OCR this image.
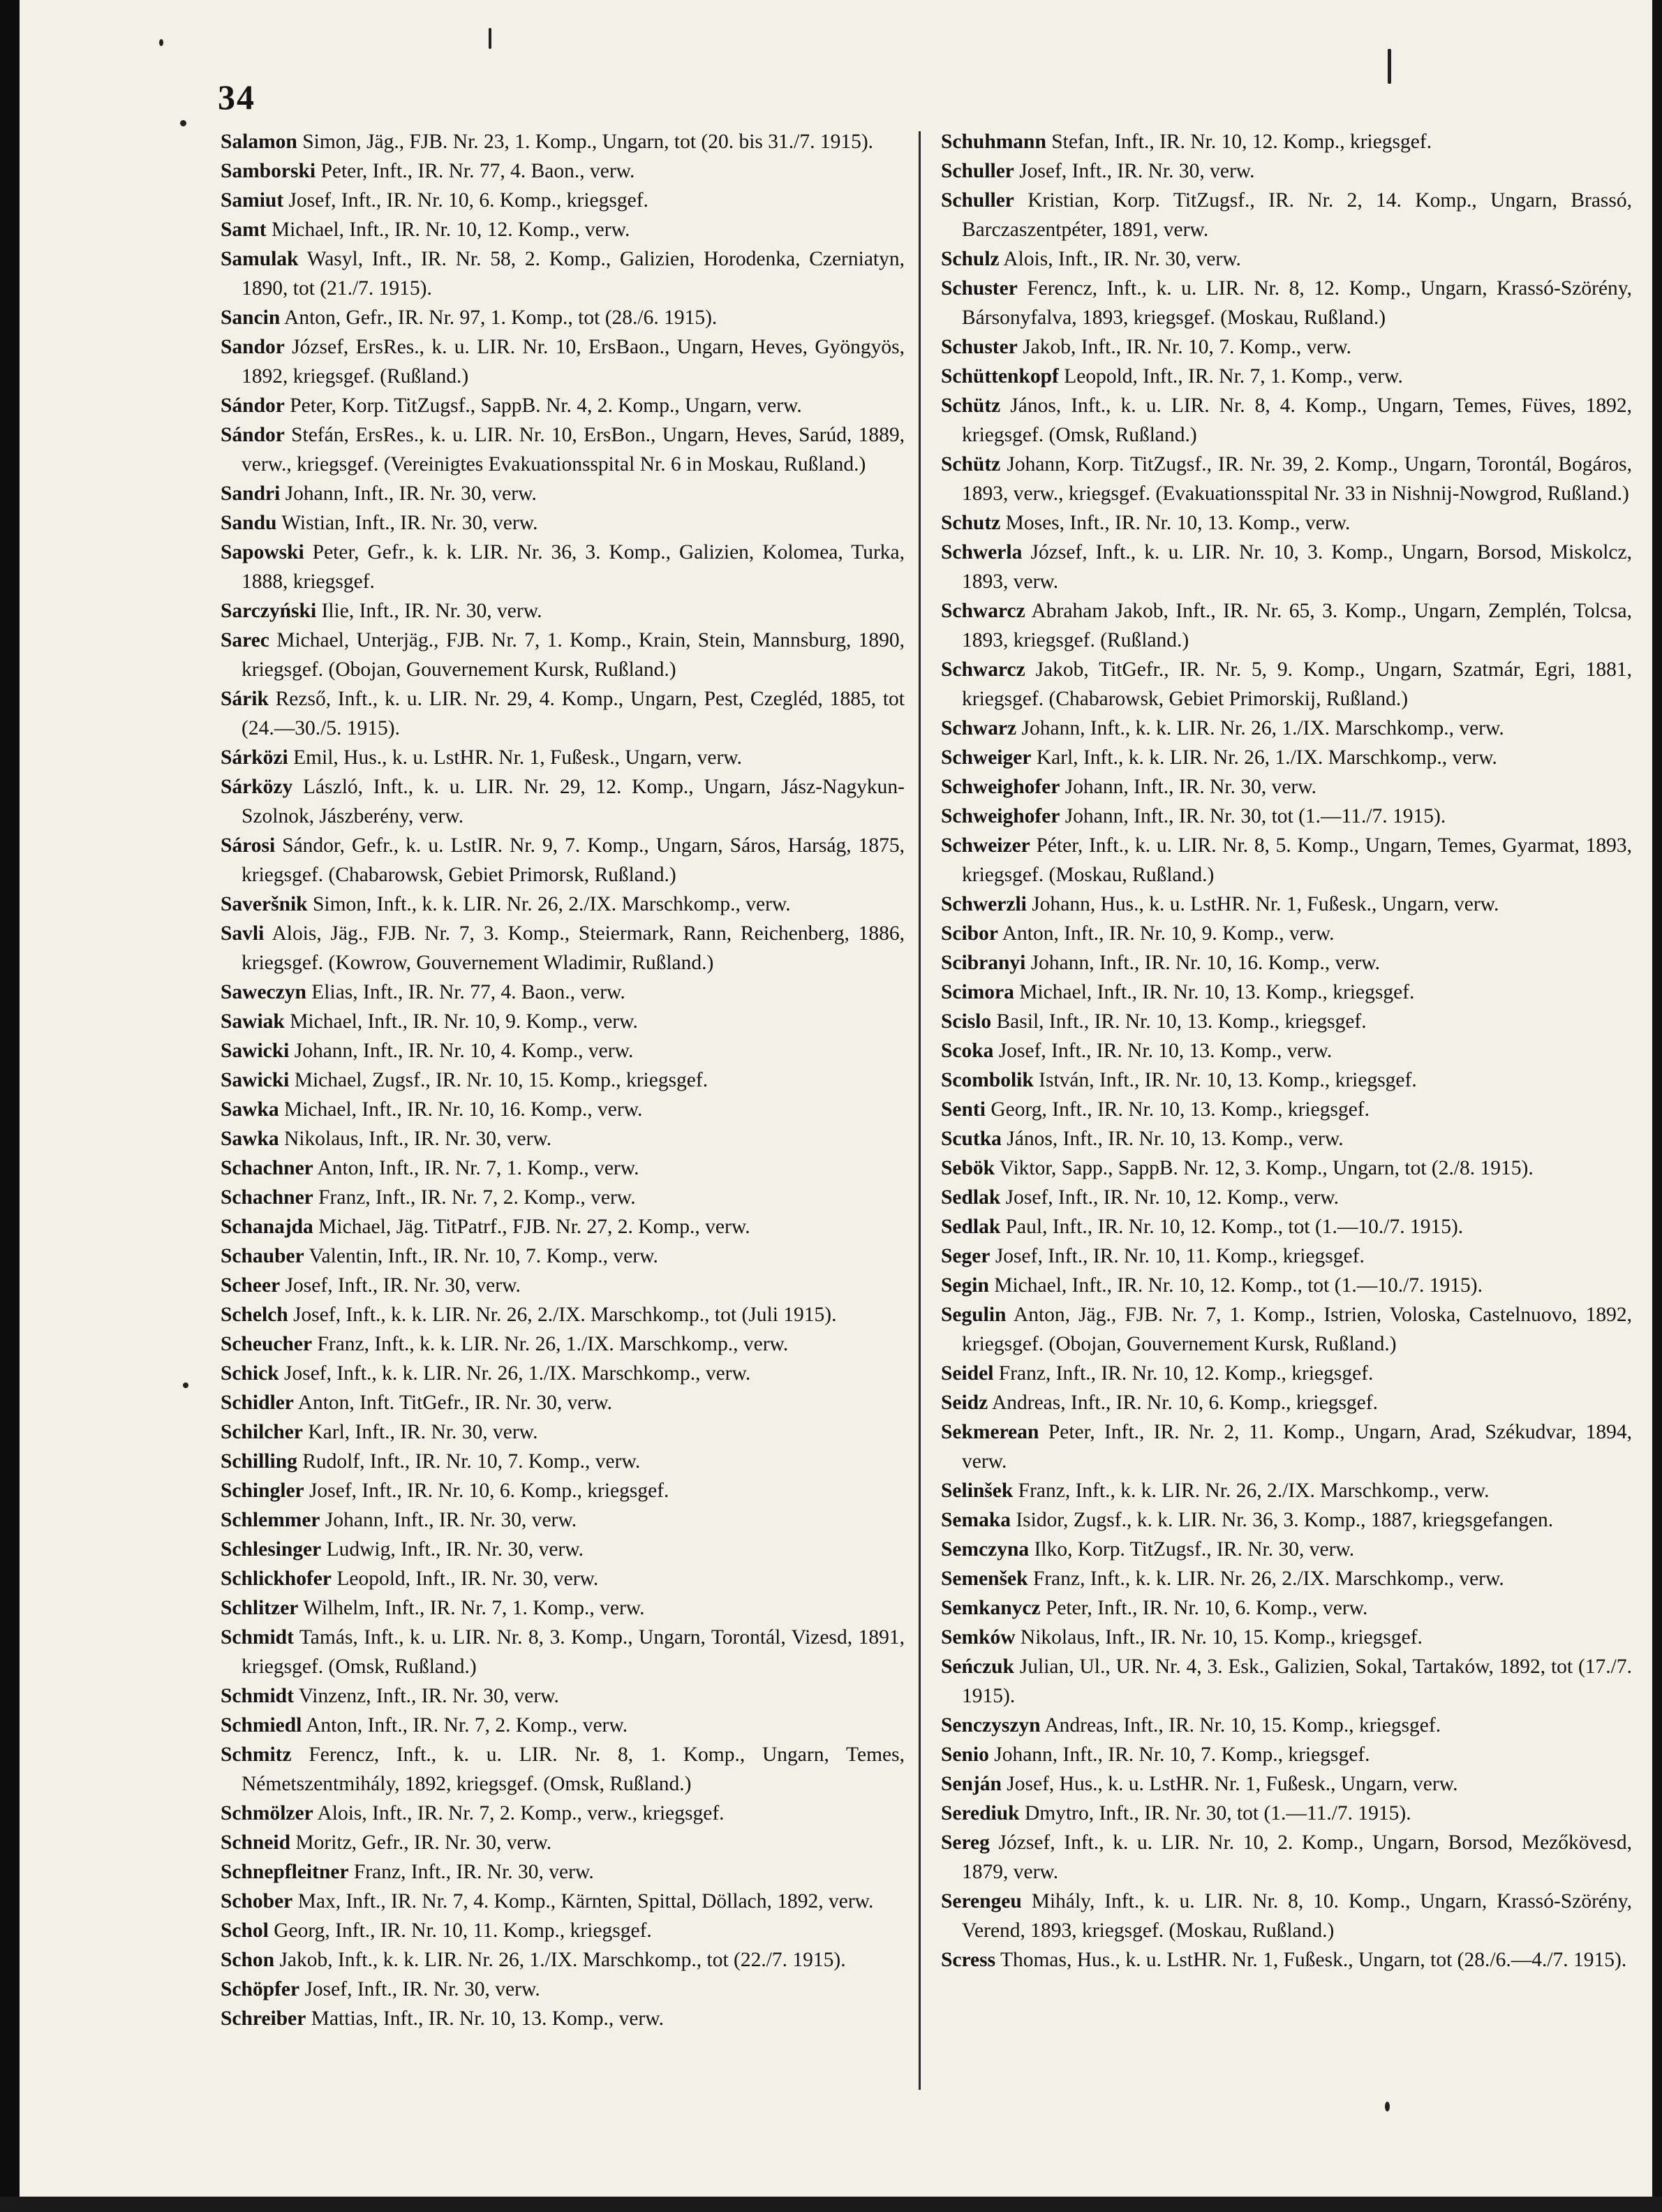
34
Salamon Simon, Jäg., FJB. Nr. 23, 1. Komp., Ungarn, tot (20. bis 31./7. 1915).
Samborski Peter, Inft., IR. Nr. 77, 4. Baon., verw.
Samiut Josef, Inft., IR. Nr. 10, 6. Komp., kriegsgef.
Samt Michael, Inft., IR. Nr. 10, 12. Komp., verw.
Samulak Wasyl, Inft., IR. Nr. 58, 2. Komp., Galizien, Horodenka, Czerniatyn, 1890, tot (21./7. 1915).
Sancin Anton, Gefr., IR. Nr. 97, 1. Komp., tot (28./6. 1915).
Sandor József, ErsRes., k. u. LIR. Nr. 10, ErsBaon., Ungarn, Heves, Gyöngyös, 1892, kriegsgef. (Rußland.)
Sándor Peter, Korp. TitZugsf., SappB. Nr. 4, 2. Komp., Ungarn, verw.
Sándor Stefán, ErsRes., k. u. LIR. Nr. 10, ErsBon., Ungarn, Heves, Sarúd, 1889, verw., kriegsgef. (Vereinigtes Evakuationsspital Nr. 6 in Moskau, Rußland.)
Sandri Johann, Inft., IR. Nr. 30, verw.
Sandu Wistian, Inft., IR. Nr. 30, verw.
Sapowski Peter, Gefr., k. k. LIR. Nr. 36, 3. Komp., Galizien, Kolomea, Turka, 1888, kriegsgef.
Sarczyński Ilie, Inft., IR. Nr. 30, verw.
Sarec Michael, Unterjäg., FJB. Nr. 7, 1. Komp., Krain, Stein, Mannsburg, 1890, kriegsgef. (Obojan, Gouvernement Kursk, Rußland.)
Sárik Rezső, Inft., k. u. LIR. Nr. 29, 4. Komp., Ungarn, Pest, Czegléd, 1885, tot (24.—30./5. 1915).
Sárközi Emil, Hus., k. u. LstHR. Nr. 1, Fußesk., Ungarn, verw.
Sárközy László, Inft., k. u. LIR. Nr. 29, 12. Komp., Ungarn, Jász-Nagykun-Szolnok, Jászberény, verw.
Sárosi Sándor, Gefr., k. u. LstIR. Nr. 9, 7. Komp., Ungarn, Sáros, Harság, 1875, kriegsgef. (Chabarowsk, Gebiet Primorsk, Rußland.)
Saveršnik Simon, Inft., k. k. LIR. Nr. 26, 2./IX. Marschkomp., verw.
Savli Alois, Jäg., FJB. Nr. 7, 3. Komp., Steiermark, Rann, Reichenberg, 1886, kriegsgef. (Kowrow, Gouvernement Wladimir, Rußland.)
Saweczyn Elias, Inft., IR. Nr. 77, 4. Baon., verw.
Sawiak Michael, Inft., IR. Nr. 10, 9. Komp., verw.
Sawicki Johann, Inft., IR. Nr. 10, 4. Komp., verw.
Sawicki Michael, Zugsf., IR. Nr. 10, 15. Komp., kriegsgef.
Sawka Michael, Inft., IR. Nr. 10, 16. Komp., verw.
Sawka Nikolaus, Inft., IR. Nr. 30, verw.
Schachner Anton, Inft., IR. Nr. 7, 1. Komp., verw.
Schachner Franz, Inft., IR. Nr. 7, 2. Komp., verw.
Schanajda Michael, Jäg. TitPatrf., FJB. Nr. 27, 2. Komp., verw.
Schauber Valentin, Inft., IR. Nr. 10, 7. Komp., verw.
Scheer Josef, Inft., IR. Nr. 30, verw.
Schelch Josef, Inft., k. k. LIR. Nr. 26, 2./IX. Marschkomp., tot (Juli 1915).
Scheucher Franz, Inft., k. k. LIR. Nr. 26, 1./IX. Marschkomp., verw.
Schick Josef, Inft., k. k. LIR. Nr. 26, 1./IX. Marschkomp., verw.
Schidler Anton, Inft. TitGefr., IR. Nr. 30, verw.
Schilcher Karl, Inft., IR. Nr. 30, verw.
Schilling Rudolf, Inft., IR. Nr. 10, 7. Komp., verw.
Schingler Josef, Inft., IR. Nr. 10, 6. Komp., kriegsgef.
Schlemmer Johann, Inft., IR. Nr. 30, verw.
Schlesinger Ludwig, Inft., IR. Nr. 30, verw.
Schlickhofer Leopold, Inft., IR. Nr. 30, verw.
Schlitzer Wilhelm, Inft., IR. Nr. 7, 1. Komp., verw.
Schmidt Tamás, Inft., k. u. LIR. Nr. 8, 3. Komp., Ungarn, Torontál, Vizesd, 1891, kriegsgef. (Omsk, Rußland.)
Schmidt Vinzenz, Inft., IR. Nr. 30, verw.
Schmiedl Anton, Inft., IR. Nr. 7, 2. Komp., verw.
Schmitz Ferencz, Inft., k. u. LIR. Nr. 8, 1. Komp., Ungarn, Temes, Németszentmihály, 1892, kriegsgef. (Omsk, Rußland.)
Schmölzer Alois, Inft., IR. Nr. 7, 2. Komp., verw., kriegsgef.
Schneid Moritz, Gefr., IR. Nr. 30, verw.
Schnepfleitner Franz, Inft., IR. Nr. 30, verw.
Schober Max, Inft., IR. Nr. 7, 4. Komp., Kärnten, Spittal, Döllach, 1892, verw.
Schol Georg, Inft., IR. Nr. 10, 11. Komp., kriegsgef.
Schon Jakob, Inft., k. k. LIR. Nr. 26, 1./IX. Marschkomp., tot (22./7. 1915).
Schöpfer Josef, Inft., IR. Nr. 30, verw.
Schreiber Mattias, Inft., IR. Nr. 10, 13. Komp., verw.
Schuhmann Stefan, Inft., IR. Nr. 10, 12. Komp., kriegsgef.
Schuller Josef, Inft., IR. Nr. 30, verw.
Schuller Kristian, Korp. TitZugsf., IR. Nr. 2, 14. Komp., Ungarn, Brassó, Barczaszentpéter, 1891, verw.
Schulz Alois, Inft., IR. Nr. 30, verw.
Schuster Ferencz, Inft., k. u. LIR. Nr. 8, 12. Komp., Ungarn, Krassó-Szörény, Bársonyfalva, 1893, kriegsgef. (Moskau, Rußland.)
Schuster Jakob, Inft., IR. Nr. 10, 7. Komp., verw.
Schüttenkopf Leopold, Inft., IR. Nr. 7, 1. Komp., verw.
Schütz János, Inft., k. u. LIR. Nr. 8, 4. Komp., Ungarn, Temes, Füves, 1892, kriegsgef. (Omsk, Rußland.)
Schütz Johann, Korp. TitZugsf., IR. Nr. 39, 2. Komp., Ungarn, Torontál, Bogáros, 1893, verw., kriegsgef. (Evakuationsspital Nr. 33 in Nishnij-Nowgrod, Rußland.)
Schutz Moses, Inft., IR. Nr. 10, 13. Komp., verw.
Schwerla József, Inft., k. u. LIR. Nr. 10, 3. Komp., Ungarn, Borsod, Miskolcz, 1893, verw.
Schwarcz Abraham Jakob, Inft., IR. Nr. 65, 3. Komp., Ungarn, Zemplén, Tolcsa, 1893, kriegsgef. (Rußland.)
Schwarcz Jakob, TitGefr., IR. Nr. 5, 9. Komp., Ungarn, Szatmár, Egri, 1881, kriegsgef. (Chabarowsk, Gebiet Primorskij, Rußland.)
Schwarz Johann, Inft., k. k. LIR. Nr. 26, 1./IX. Marschkomp., verw.
Schweiger Karl, Inft., k. k. LIR. Nr. 26, 1./IX. Marschkomp., verw.
Schweighofer Johann, Inft., IR. Nr. 30, verw.
Schweighofer Johann, Inft., IR. Nr. 30, tot (1.—11./7. 1915).
Schweizer Péter, Inft., k. u. LIR. Nr. 8, 5. Komp., Ungarn, Temes, Gyarmat, 1893, kriegsgef. (Moskau, Rußland.)
Schwerzli Johann, Hus., k. u. LstHR. Nr. 1, Fußesk., Ungarn, verw.
Scibor Anton, Inft., IR. Nr. 10, 9. Komp., verw.
Scibranyi Johann, Inft., IR. Nr. 10, 16. Komp., verw.
Scimora Michael, Inft., IR. Nr. 10, 13. Komp., kriegsgef.
Scislo Basil, Inft., IR. Nr. 10, 13. Komp., kriegsgef.
Scoka Josef, Inft., IR. Nr. 10, 13. Komp., verw.
Scombolik István, Inft., IR. Nr. 10, 13. Komp., kriegsgef.
Senti Georg, Inft., IR. Nr. 10, 13. Komp., kriegsgef.
Scutka János, Inft., IR. Nr. 10, 13. Komp., verw.
Sebök Viktor, Sapp., SappB. Nr. 12, 3. Komp., Ungarn, tot (2./8. 1915).
Sedlak Josef, Inft., IR. Nr. 10, 12. Komp., verw.
Sedlak Paul, Inft., IR. Nr. 10, 12. Komp., tot (1.—10./7. 1915).
Seger Josef, Inft., IR. Nr. 10, 11. Komp., kriegsgef.
Segin Michael, Inft., IR. Nr. 10, 12. Komp., tot (1.—10./7. 1915).
Segulin Anton, Jäg., FJB. Nr. 7, 1. Komp., Istrien, Voloska, Castelnuovo, 1892, kriegsgef. (Obojan, Gouvernement Kursk, Rußland.)
Seidel Franz, Inft., IR. Nr. 10, 12. Komp., kriegsgef.
Seidz Andreas, Inft., IR. Nr. 10, 6. Komp., kriegsgef.
Sekmerean Peter, Inft., IR. Nr. 2, 11. Komp., Ungarn, Arad, Székudvar, 1894, verw.
Selinšek Franz, Inft., k. k. LIR. Nr. 26, 2./IX. Marschkomp., verw.
Semaka Isidor, Zugsf., k. k. LIR. Nr. 36, 3. Komp., 1887, kriegsgefangen.
Semczyna Ilko, Korp. TitZugsf., IR. Nr. 30, verw.
Semenšek Franz, Inft., k. k. LIR. Nr. 26, 2./IX. Marschkomp., verw.
Semkanycz Peter, Inft., IR. Nr. 10, 6. Komp., verw.
Semków Nikolaus, Inft., IR. Nr. 10, 15. Komp., kriegsgef.
Seńczuk Julian, Ul., UR. Nr. 4, 3. Esk., Galizien, Sokal, Tartaków, 1892, tot (17./7. 1915).
Senczyszyn Andreas, Inft., IR. Nr. 10, 15. Komp., kriegsgef.
Senio Johann, Inft., IR. Nr. 10, 7. Komp., kriegsgef.
Senján Josef, Hus., k. u. LstHR. Nr. 1, Fußesk., Ungarn, verw.
Serediuk Dmytro, Inft., IR. Nr. 30, tot (1.—11./7. 1915).
Sereg József, Inft., k. u. LIR. Nr. 10, 2. Komp., Ungarn, Borsod, Mezőkövesd, 1879, verw.
Serengeu Mihály, Inft., k. u. LIR. Nr. 8, 10. Komp., Ungarn, Krassó-Szörény, Verend, 1893, kriegsgef. (Moskau, Rußland.)
Scress Thomas, Hus., k. u. LstHR. Nr. 1, Fußesk., Ungarn, tot (28./6.—4./7. 1915).
